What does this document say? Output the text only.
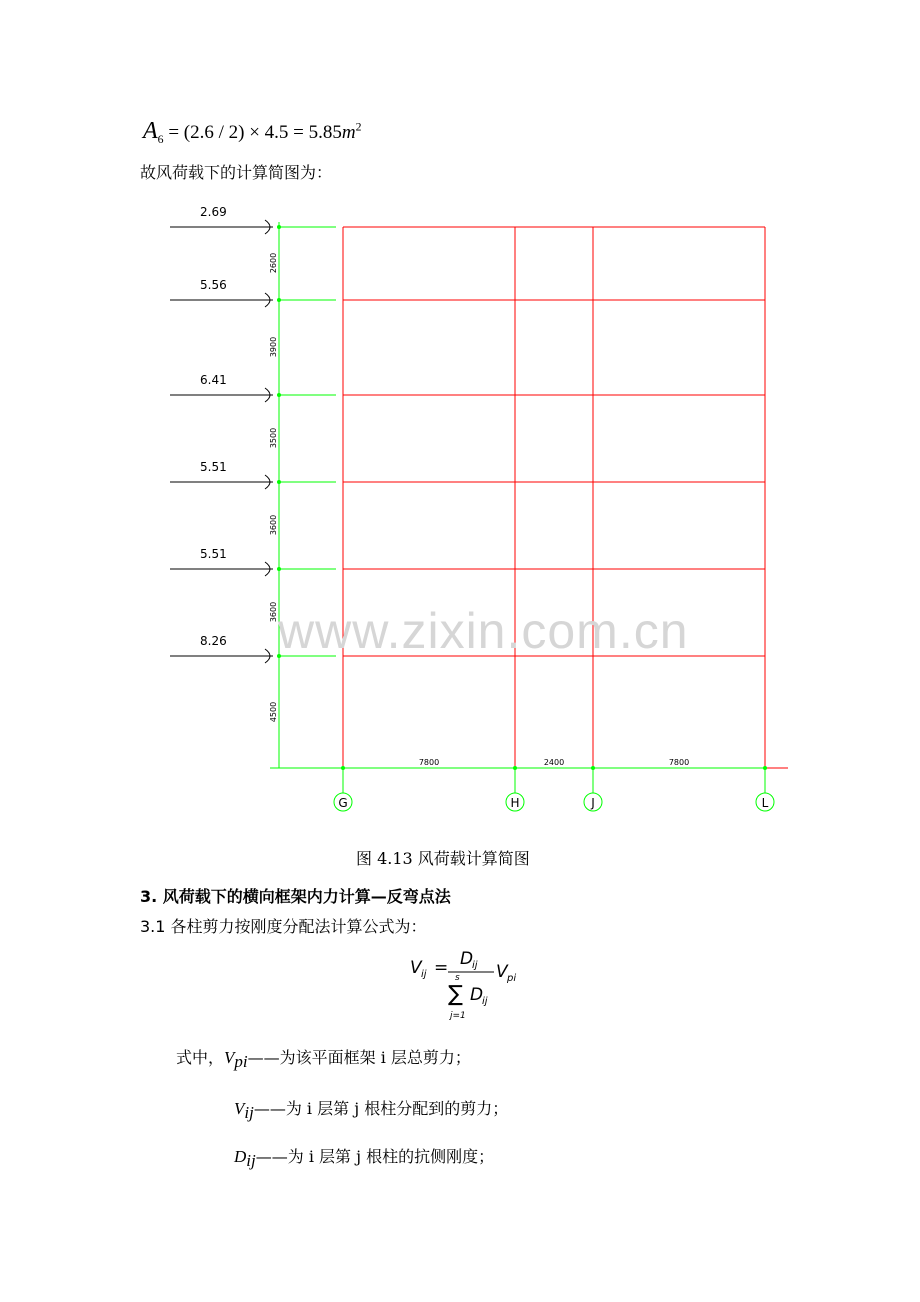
$A_6 = (2.6 / 2) \times 4.5 = 5.85m^2$
故风荷载下的计算简图为：
2.69
5.56
6.41
5.51
5.51
8.26
2600
3900
3500
3600
3600
4500
7800	2400	7800
G	H	J	L
www.zixin.com.cn
图 4.13 风荷载计算简图
3. 风荷载下的横向框架内力计算—反弯点法
3.1 各柱剪力按刚度分配法计算公式为：
V ij = D
ij
s
∑
j=1
D
ij
V pi
式中，$V_{pi}——$为该平面框架 i 层总剪力；
$V_{ij}——$为 i 层第 j 根柱分配到的剪力；
$D_{ij}——$为 i 层第 j 根柱的抗侧刚度；
